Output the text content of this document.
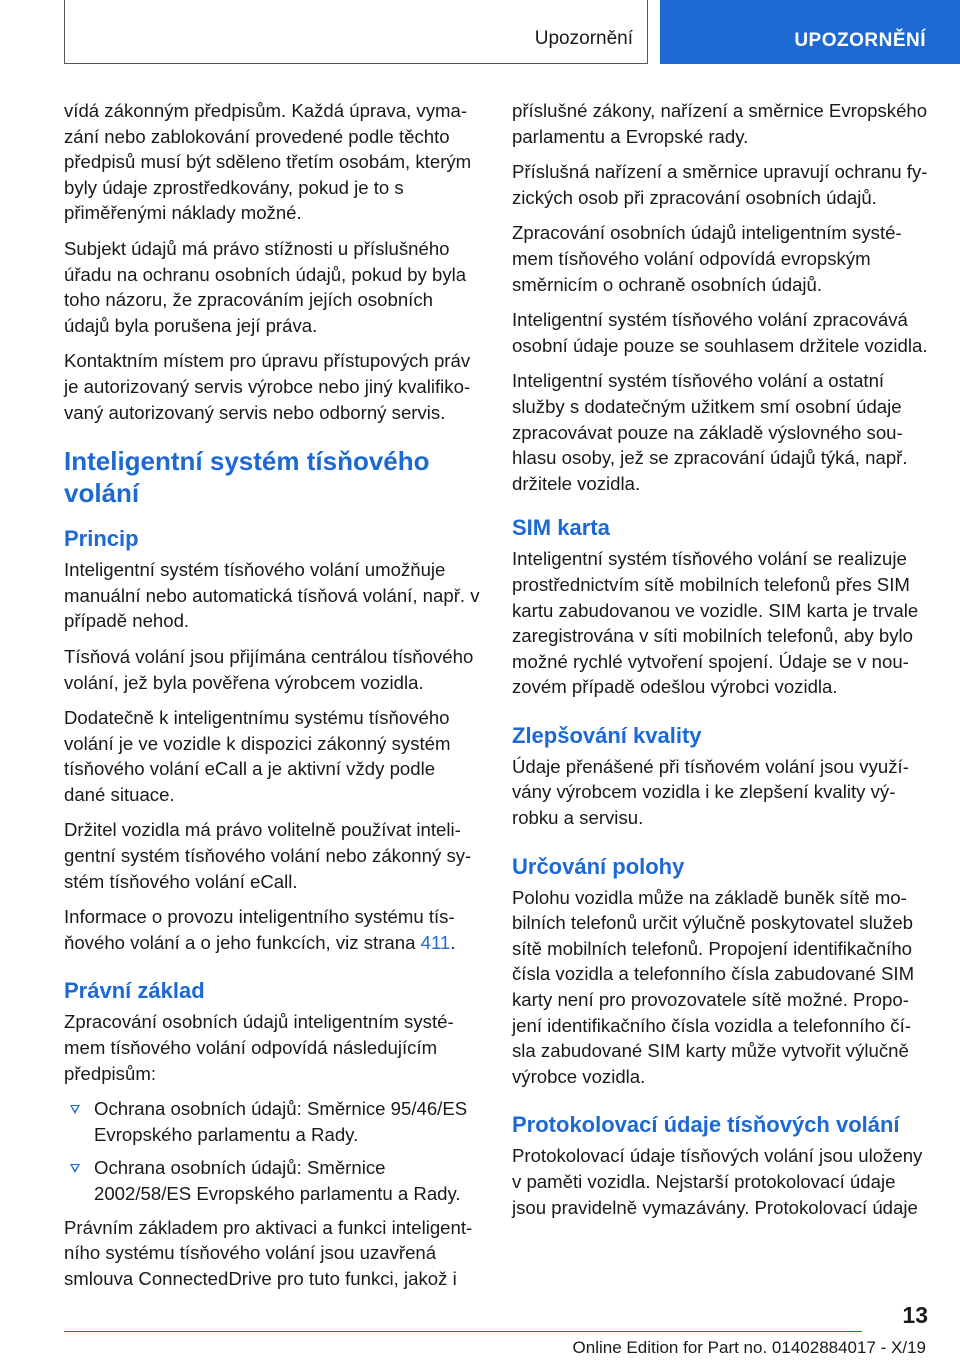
Upozornění	UPOZORNĚNÍ

vídá zákonným předpisům. Každá úprava, vymazání nebo zablokování provedené podle těchto předpisů musí být sděleno třetím osobám, kterým byly údaje zprostředkovány, pokud je to s přiměřenými náklady možné.

Subjekt údajů má právo stížnosti u příslušného úřadu na ochranu osobních údajů, pokud by byla toho názoru, že zpracováním jejích osobních údajů byla porušena její práva.

Kontaktním místem pro úpravu přístupových práv je autorizovaný servis výrobce nebo jiný kvalifikovaný autorizovaný servis nebo odborný servis.

Inteligentní systém tísňového volání
Princip

Inteligentní systém tísňového volání umožňuje manuální nebo automatická tísňová volání, např. v případě nehod.

Tísňová volání jsou přijímána centrálou tísňového volání, jež byla pověřena výrobcem vozidla.

Dodatečně k inteligentnímu systému tísňového volání je ve vozidle k dispozici zákonný systém tísňového volání eCall a je aktivní vždy podle dané situace.

Držitel vozidla má právo volitelně používat inteligentní systém tísňového volání nebo zákonný systém tísňového volání eCall.

Informace o provozu inteligentního systému tísňového volání a o jeho funkcích, viz strana 411.

Právní základ

Zpracování osobních údajů inteligentním systémem tísňového volání odpovídá následujícím předpisům:

Ochrana osobních údajů: Směrnice 95/46/ES Evropského parlamentu a Rady.
Ochrana osobních údajů: Směrnice 2002/58/ES Evropského parlamentu a Rady.

Právním základem pro aktivaci a funkci inteligentního systému tísňového volání jsou uzavřená smlouva ConnectedDrive pro tuto funkci, jakož i

příslušné zákony, nařízení a směrnice Evropského parlamentu a Evropské rady.

Příslušná nařízení a směrnice upravují ochranu fyzických osob při zpracování osobních údajů.

Zpracování osobních údajů inteligentním systémem tísňového volání odpovídá evropským směrnicím o ochraně osobních údajů.

Inteligentní systém tísňového volání zpracovává osobní údaje pouze se souhlasem držitele vozidla.

Inteligentní systém tísňového volání a ostatní služby s dodatečným užitkem smí osobní údaje zpracovávat pouze na základě výslovného souhlasu osoby, jež se zpracování údajů týká, např. držitele vozidla.

SIM karta

Inteligentní systém tísňového volání se realizuje prostřednictvím sítě mobilních telefonů přes SIM kartu zabudovanou ve vozidle. SIM karta je trvale zaregistrována v síti mobilních telefonů, aby bylo možné rychlé vytvoření spojení. Údaje se v nouzovém případě odešlou výrobci vozidla.

Zlepšování kvality

Údaje přenášené při tísňovém volání jsou využívány výrobcem vozidla i ke zlepšení kvality výrobku a servisu.

Určování polohy

Polohu vozidla může na základě buněk sítě mobilních telefonů určit výlučně poskytovatel služeb sítě mobilních telefonů. Propojení identifikačního čísla vozidla a telefonního čísla zabudované SIM karty není pro provozovatele sítě možné. Propojení identifikačního čísla vozidla a telefonního čísla zabudované SIM karty může vytvořit výlučně výrobce vozidla.

Protokolovací údaje tísňových volání

Protokolovací údaje tísňových volání jsou uloženy v paměti vozidla. Nejstarší protokolovací údaje jsou pravidelně vymazávány. Protokolovací údaje

13
Online Edition for Part no. 01402884017 - X/19
